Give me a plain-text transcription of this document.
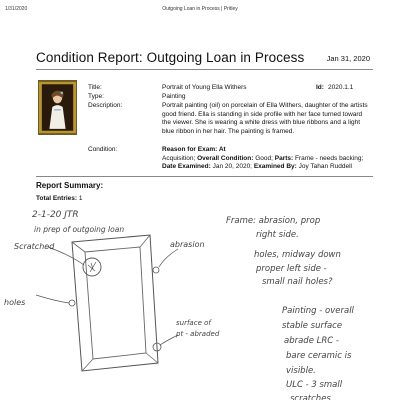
1/31/2020	Outgoing Loan in Process | Pritley
Condition Report: Outgoing Loan in Process	Jan 31, 2020
Title:	Portrait of Young Ella Withers	Id: 2020.1.1
Type:	Painting
Description:	Portrait painting (oil) on porcelain of Ella Withers, daughter of the artists good friend. Ella is standing in side profile with her face turned toward the viewer. She is wearing a white dress with blue ribbons and a light blue ribbon in her hair. The painting is framed.
Condition:	Reason for Exam: At
Acquisition; Overall Condition: Good; Parts: Frame - needs backing; Date Examined: Jan 20, 2020; Examined By: Joy Tahan Ruddell
Report Summary:
Total Entries: 1
2-1-20 JTR
in prep of outgoing loan
Scratched	abrasion
holes
surface of
pt - abraded
Frame: abrasion, prop
right side.
holes, midway down
proper left side -
small nail holes?
Painting - overall
stable surface
abrade LRC -
bare ceramic is
visible.
ULC - 3 small
scratches
